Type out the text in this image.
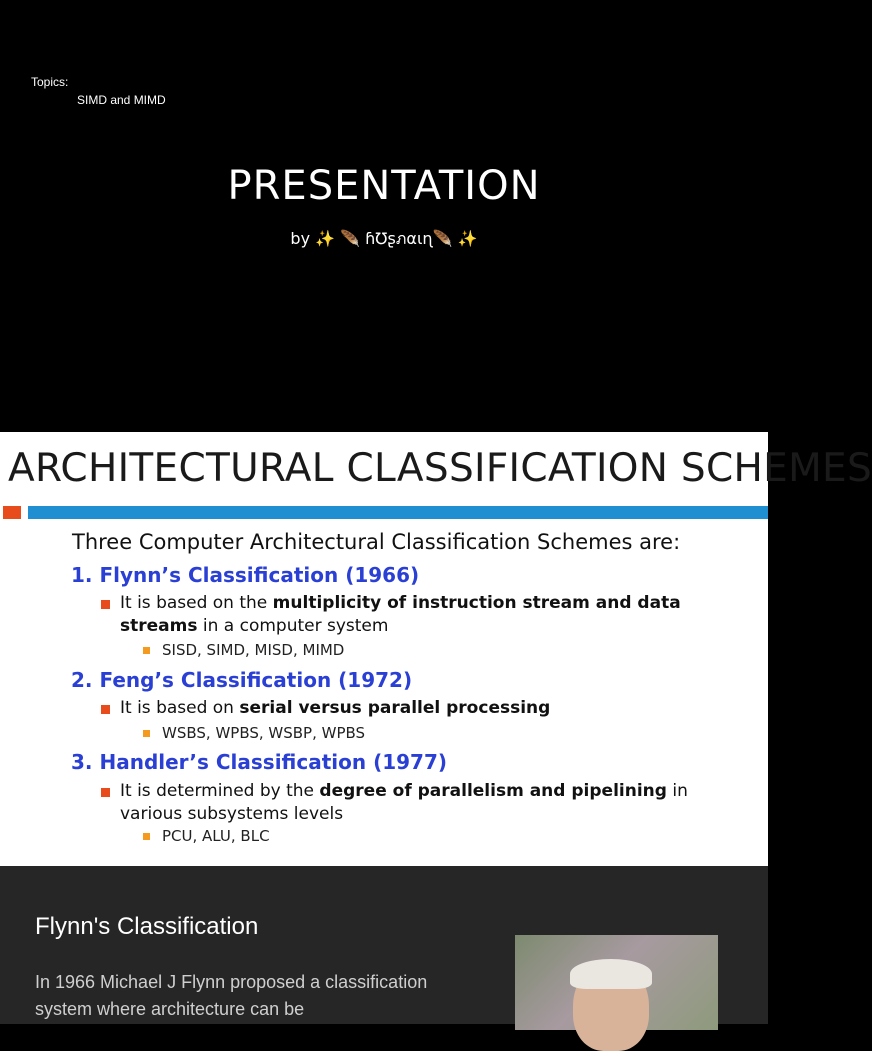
Topics:
SIMD and MIMD
PRESENTATION
by ✨ 🪶 ɦ℧ʂภαιɳ🪶 ✨
ARCHITECTURAL CLASSIFICATION SCHEMES
Three Computer Architectural Classification Schemes are:
1. Flynn’s Classification (1966)
It is based on the multiplicity of instruction stream and data
streams in a computer system
SISD, SIMD, MISD, MIMD
2. Feng’s Classification (1972)
It is based on serial versus parallel processing
WSBS, WPBS, WSBP, WPBS
3. Handler’s Classification (1977)
It is determined by the degree of parallelism and pipelining in
various subsystems levels
PCU, ALU, BLC
Flynn's Classification
In 1966 Michael J Flynn proposed a classification system where architecture can be
